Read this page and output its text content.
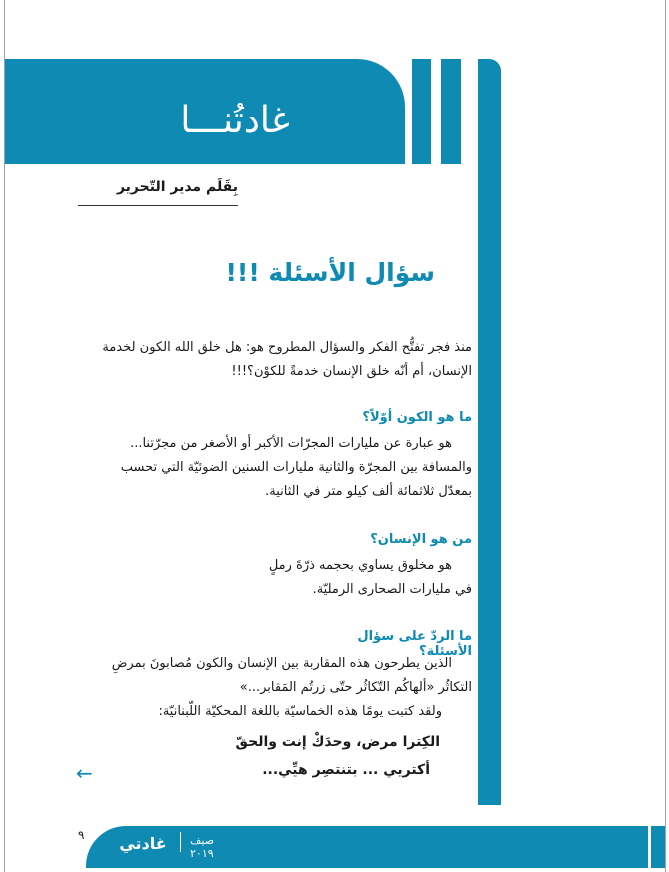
غادتُنـــا
بِقَلَم مدير التّحرير
سؤال الأسئلة !!!
منذ فجر تفتُّح الفكر والسؤال المطروح هو: هل خلق الله الكون لخدمة
الإنسان، أم أنّه خلق الإنسان خدمةً للكوْن؟!!!
ما هو الكون أوّلاً؟
هو عبارة عن مليارات المجرّات الأكبر أو الأصغر من مجرّتنا...
والمسافة بين المجرّة والثانية مليارات السنين الضوئيّة التي تحسب
بمعدّل ثلاثمائة ألف كيلو متر في الثانية.
من هو الإنسان؟
هو مخلوق يساوي بحجمه ذرّةَ رملٍ
في مليارات الصحارى الرمليّة.
ما الردّ على سؤال الأسئلة؟
الذين يطرحون هذه المقاربة بين الإنسان والكون مُصابونَ بمرضِ
التكاثُر «ألهاكُم التّكاثُر حتّى زرتُم المَقابر...»
ولقد كتبت يومًا هذه الخماسيّة باللغة المحكيّة اللّبنانيّة:
الكِترا مرض، وحدَكْ إنت والحقّ
أكتريي ... بتنتصِر هيِّي...
←
غادتي صيف ٢٠١٩
٩
